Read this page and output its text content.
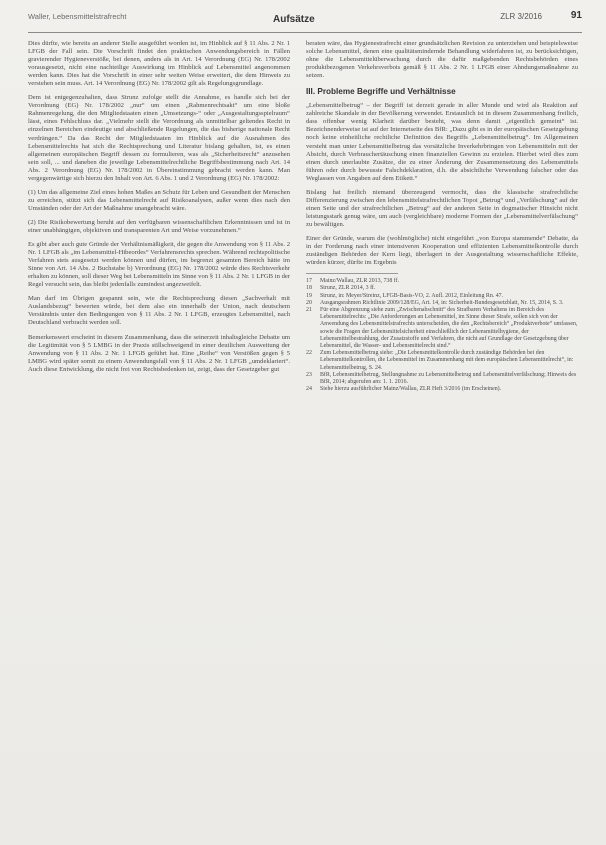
Waller, Lebensmittelstrafrecht	Aufsätze	ZLR 3/2016	91

Dies dürfte, wie bereits an anderer Stelle ausgeführt worden ist, im Hinblick auf § 11 Abs. 2 Nr. 1 LFGB der Fall sein. Die Vorschrift findet den praktischen Anwendungsbereich in Fällen gravierender Hygieneverstöße, bei denen, anders als in Art. 14 Verordnung (EG) Nr. 178/2002 vorausgesetzt, nicht eine nachteilige Auswirkung im Hinblick auf Lebensmittel angenommen werden kann. Dies hat die Vorschrift in einer sehr weiten Weise erweitert, die dem Hinweis zu verstehen sein muss. Art. 14 Verordnung (EG) Nr. 178/2002 gilt als Regelungsgrundlage.

Dem ist entgegenzuhalten, dass Strunz zufolge stellt die Annahme, es handle sich bei der Verordnung (EG) Nr. 178/2002 „nur“ um einen „Rahmenrechtsakt“ um eine bloße Rahmenregelung, die den Mitgliedstaaten einen „Umsetzungs-“ oder „Ausgestaltungsspielraum“ lässt, eines Fehlschluss dar. „Vielmehr stellt die Verordnung als unmittelbar geltendes Recht in einzelnen Bereichen eindeutige und abschließende Regelungen, die das bisherige nationale Recht verdrängen.“ Da das Recht der Mitgliedstaaten im Hinblick auf die Ausnahmen des Lebensmittelrechts hat sich die Rechtsprechung und Literatur bislang gehalten, ist, es einen allgemeinen europäischen Begriff dessen zu formulieren, was als „Sicherheitsrecht“ anzusehen sein soll, ... und daneben die jeweilige Lebensmittelrechtliche Begriffsbestimmung nach Art. 14 Abs. 2 Verordnung (EG) Nr. 178/2002 in Übereinstimmung gebracht werden kann. Man vergegenwärtige sich hierzu den Inhalt von Art. 6 Abs. 1 und 2 Verordnung (EG) Nr. 178/2002:

(1) Um das allgemeine Ziel eines hohen Maßes an Schutz für Leben und Gesundheit der Menschen zu erreichen, stützt sich das Lebensmittelrecht auf Risikoanalysen, außer wenn dies nach den Umständen oder der Art der Maßnahme unangebracht wäre.

(2) Die Risikobewertung beruht auf den verfügbaren wissenschaftlichen Erkenntnissen und ist in einer unabhängigen, objektiven und transparenten Art und Weise vorzunehmen.“

Es gibt aber auch gute Gründe der Verhältnismäßigkeit, die gegen die Anwendung von § 11 Abs. 2 Nr. 1 LFGB als „im Lebensmittel-Hibeordes“ Verfahrensrechts sprechen. Während rechtspolitische Verfahren stets ausgesetzt werden können und dürfen, im begrenzt gesamten Bereich hätte im Sinne von Art. 14 Abs. 2 Buchstabe b) Verordnung (EG) Nr. 178/2002 würde dies Rechtsverkehr erhalten zu können, soll dieser Weg bei Lebensmitteln im Sinne von § 11 Abs. 2 Nr. 1 LFGB in der Regel versucht sein, das bleibt jedenfalls zumindest angezweifelt.

Man darf im Übrigen gespannt sein, wie die Rechtsprechung diesen „Sachverhalt mit Auslandsbezug“ bewerten würde, bei dem also ein innerhalb der Union, nach deutschem Verständnis unter den Bedingungen von § 11 Abs. 2 Nr. 1 LFGB, erzeugtes Lebensmittel, nach Deutschland verbracht werden soll.

Bemerkenswert erscheint in diesem Zusammenhang, dass die seinerzeit inhaltsgleiche Debatte um die Legitimität von § 5 LMBG in der Praxis stillschweigend in einer deutlichen Ausweitung der Anwendung von § 11 Abs. 2 Nr. 1 LFGB geführt hat. Eine „Reihe“ von Verstößen gegen § 5 LMBG wird später somit zu einem Anwendungsfall von § 11 Abs. 2 Nr. 1 LFGB „umdeklariert“. Auch diese Entwicklung, die nicht frei von Rechtsbedenken ist, zeigt, dass der Gesetzgeber gut

beraten wäre, das Hygienestrafrecht einer grundsätzlichen Revision zu unterziehen und beispielsweise solche Lebensmittel, denen eine qualitätsmindernde Behandlung widerfahren ist, zu berücksichtigen, ohne die Lebensmittelüberwachung durch die dafür maßgebenden Rechtsbehörden eines produktbezogenen Verkehrsverbots gemäß § 11 Abs. 2 Nr. 1 LFGB einer Ahndungsmaßnahme zu setzen.

III. Probleme Begriffe und Verhältnisse

„Lebensmittelbetrug“ – der Begriff ist derzeit gerade in aller Munde und wird als Reaktion auf zahlreiche Skandale in der Bevölkerung verwendet. Erstaunlich ist in diesem Zusammenhang freilich, dass offenbar wenig Klarheit darüber besteht, was denn damit „eigentlich gemeint“ ist. Bezeichnenderweise ist auf der Internetseite des BfR: „Dazu gibt es in der europäischen Gesetzgebung noch keine einheitliche rechtliche Definition des Begriffs „Lebensmittelbetrug“. Im Allgemeinen versteht man unter Lebensmittelbetrug das vorsätzliche Inverkehrbringen von Lebensmitteln mit der Absicht, durch Verbrauchertäuschung einen finanziellen Gewinn zu erzielen. Hierbei wird dies zum einen durch unerlaubte Zusätze, die zu einer Änderung der Zusammensetzung des Lebensmittels führen oder durch bewusste Falschdeklaration, d.h. die absichtliche Verwendung falscher oder das Weglassen von Angaben auf dem Etikett.“

Bislang hat freilich niemand überzeugend vermocht, dass die klassische strafrechtliche Differenzierung zwischen den lebensmittelstrafrechtlichen Topoi „Betrug“ und „Verfälschung“ auf der einen Seite und der strafrechtlichen „Betrug“ auf der anderen Seite in dogmatischer Hinsicht nicht leistungsstark genug wäre, um auch (vergleichbare) moderne Formen der „Lebensmittelverfälschung“ zu bewältigen.

Einer der Gründe, warum die (wohlmögliche) nicht eingeführt „von Europa stammende“ Debatte, da in der Forderung nach einer intensiveren Kooperation und effizienten Lebensmittelkontrolle durch zuständigen Behörden der Kern liegt, überlagert in der Ausgestaltung wissenschaftliche Effekte, würden kürzer, dürfte im Ergebnis

17	Mainz/Wallau, ZLR 2013, 738 ff.
18	Strunz, ZLR 2014, 3 ff.
19	Strunz, in: Meyer/Streinz, LFGB-Basis-VO, 2. Aufl. 2012, Einleitung Rn. 47.
20	Ausgangsrahmen Richtlinie 2009/128/EG, Art. 14, in: Sicherheit-Bundesgesetzblatt, Nr. 15, 2014, S. 3.
21	Für eine Abgrenzung siehe zum „Zwischenabschnitt“ des Strafbaren Verhaltens im Bereich des Lebensmittelrechts: „Die Anforderungen an Lebensmittel, im Sinne dieser Strafe, sollen sich von der Anwendung des Lebensmittelstrafrechts unterscheiden, die den „Rechtsbereich“ „Produktverbote“ umfassen, sowie die Fragen der Lebensmittelsicherheit einschließlich der Lebensmittelhygiene, der Lebensmittelbestrahlung, der Zusatzstoffe und Verfahren, die nicht auf Grundlage der Gesetzgebung über Lebensmittel, die Wasser- und Lebensmittelrecht sind.“
22	Zum Lebensmittelbetrug siehe: „Die Lebensmittelkontrolle durch zuständige Behörden bei den Lebensmittelkontrollen, die Lebensmittel im Zusammenhang mit dem europäischen Lebensmittelrecht“, in: Lebensmittelbetrug, S. 24.
23	BfR, Lebensmittelbetrug, Stellungnahme zu Lebensmittelbetrug und Lebensmittelverfälschung; Hinweis des BfR, 2014; abgerufen am: 1. 1. 2016.
24	Siehe hierzu ausführlicher Mainz/Wallau, ZLR Heft 3/2016 (im Erscheinen).
